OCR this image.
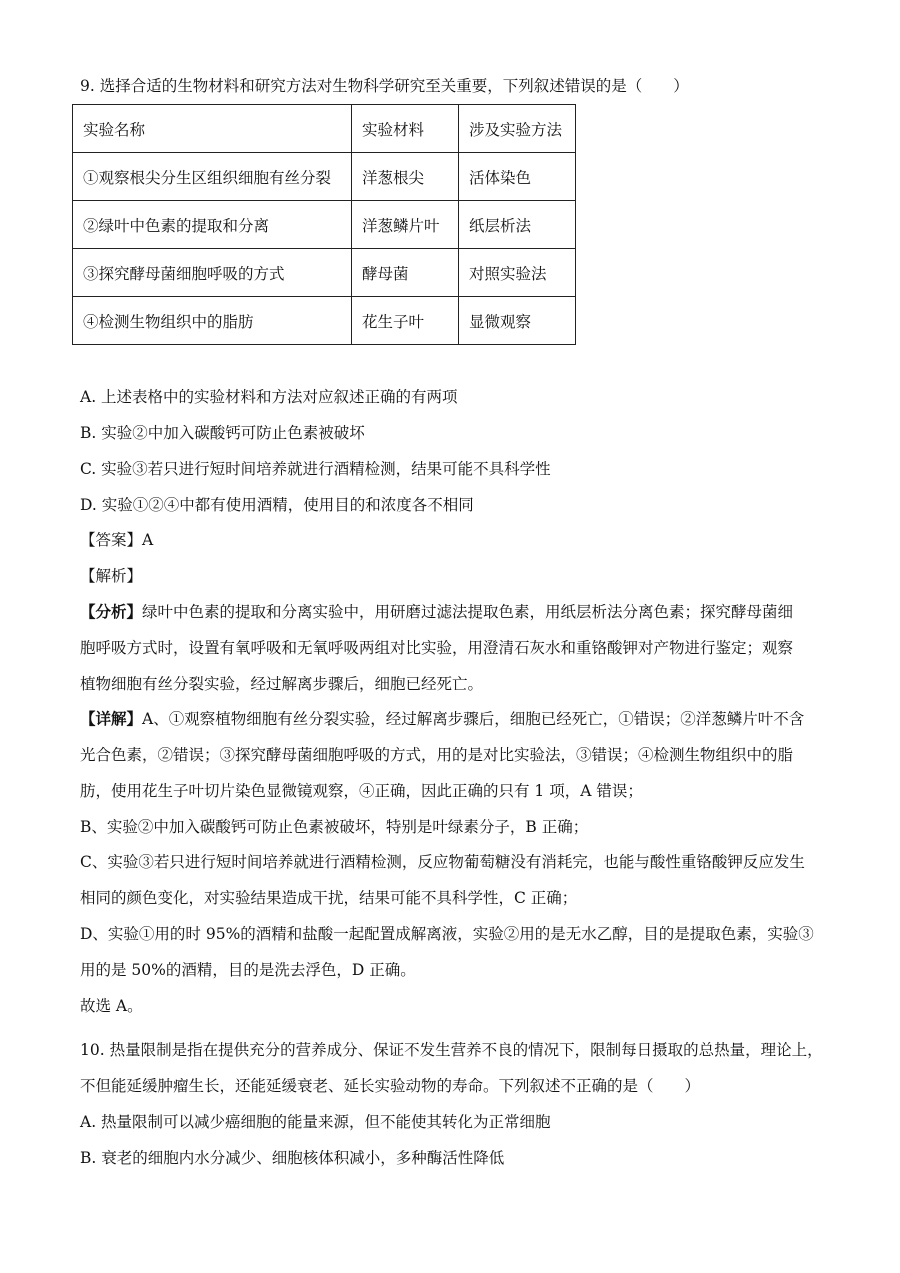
9. 选择合适的生物材料和研究方法对生物科学研究至关重要，下列叙述错误的是（　　）
实验名称	实验材料	涉及实验方法
①观察根尖分生区组织细胞有丝分裂	洋葱根尖	活体染色
②绿叶中色素的提取和分离	洋葱鳞片叶	纸层析法
③探究酵母菌细胞呼吸的方式	酵母菌	对照实验法
④检测生物组织中的脂肪	花生子叶	显微观察
A. 上述表格中的实验材料和方法对应叙述正确的有两项
B. 实验②中加入碳酸钙可防止色素被破坏
C. 实验③若只进行短时间培养就进行酒精检测，结果可能不具科学性
D. 实验①②④中都有使用酒精，使用目的和浓度各不相同
【答案】A
【解析】
【分析】绿叶中色素的提取和分离实验中，用研磨过滤法提取色素，用纸层析法分离色素；探究酵母菌细
胞呼吸方式时，设置有氧呼吸和无氧呼吸两组对比实验，用澄清石灰水和重铬酸钾对产物进行鉴定；观察
植物细胞有丝分裂实验，经过解离步骤后，细胞已经死亡。
【详解】A、①观察植物细胞有丝分裂实验，经过解离步骤后，细胞已经死亡，①错误；②洋葱鳞片叶不含
光合色素，②错误；③探究酵母菌细胞呼吸的方式，用的是对比实验法，③错误；④检测生物组织中的脂
肪，使用花生子叶切片染色显微镜观察，④正确，因此正确的只有 1 项，A 错误；
B、实验②中加入碳酸钙可防止色素被破坏，特别是叶绿素分子，B 正确；
C、实验③若只进行短时间培养就进行酒精检测，反应物葡萄糖没有消耗完，也能与酸性重铬酸钾反应发生
相同的颜色变化，对实验结果造成干扰，结果可能不具科学性，C 正确；
D、实验①用的时 95%的酒精和盐酸一起配置成解离液，实验②用的是无水乙醇，目的是提取色素，实验③
用的是 50%的酒精，目的是洗去浮色，D 正确。
故选 A。
10. 热量限制是指在提供充分的营养成分、保证不发生营养不良的情况下，限制每日摄取的总热量，理论上，
不但能延缓肿瘤生长，还能延缓衰老、延长实验动物的寿命。下列叙述不正确的是（　　）
A. 热量限制可以减少癌细胞的能量来源，但不能使其转化为正常细胞
B. 衰老的细胞内水分减少、细胞核体积减小，多种酶活性降低
